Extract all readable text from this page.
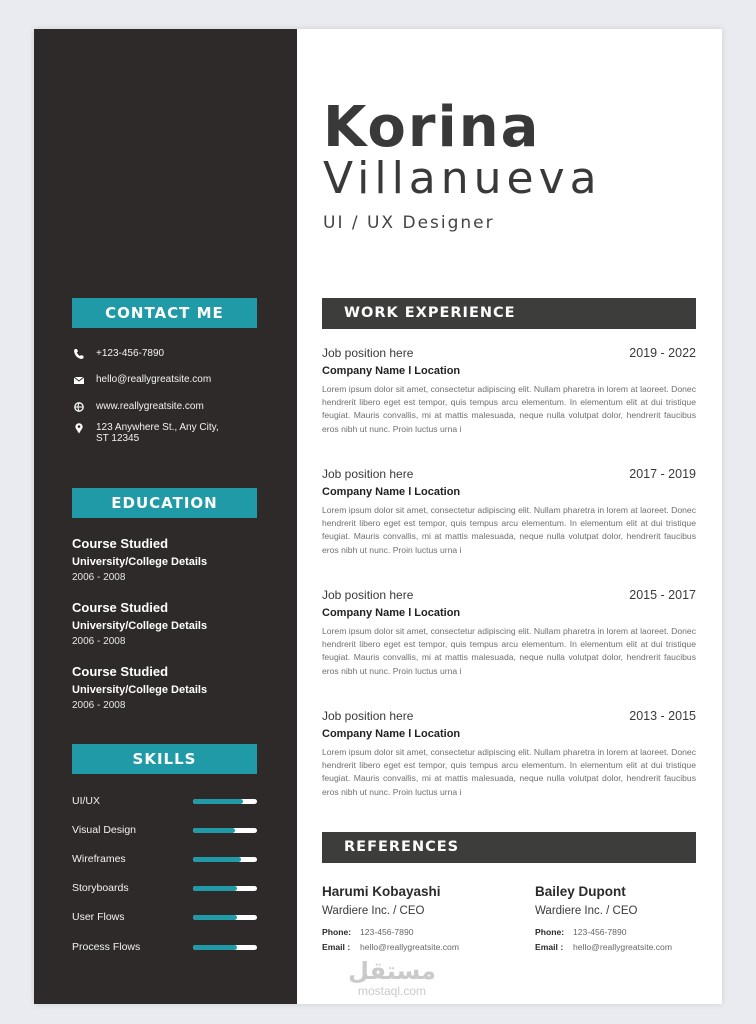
CONTACT ME
+123-456-7890
hello@reallygreatsite.com
www.reallygreatsite.com
123 Anywhere St., Any City,
ST 12345
EDUCATION
Course Studied
University/College Details
2006 - 2008
Course Studied
University/College Details
2006 - 2008
Course Studied
University/College Details
2006 - 2008
SKILLS
UI/UX
Visual Design
Wireframes
Storyboards
User Flows
Process Flows
Korina
Villanueva
UI / UX Designer
WORK EXPERIENCE
Job position here	2019 - 2022
Company Name l Location
Lorem ipsum dolor sit amet, consectetur adipiscing elit. Nullam pharetra in lorem at laoreet. Donec hendrerit libero eget est tempor, quis tempus arcu elementum. In elementum elit at dui tristique feugiat. Mauris convallis, mi at mattis malesuada, neque nulla volutpat dolor, hendrerit faucibus eros nibh ut nunc. Proin luctus urna i
Job position here	2017 - 2019
Company Name l Location
Lorem ipsum dolor sit amet, consectetur adipiscing elit. Nullam pharetra in lorem at laoreet. Donec hendrerit libero eget est tempor, quis tempus arcu elementum. In elementum elit at dui tristique feugiat. Mauris convallis, mi at mattis malesuada, neque nulla volutpat dolor, hendrerit faucibus eros nibh ut nunc. Proin luctus urna i
Job position here	2015 - 2017
Company Name l Location
Lorem ipsum dolor sit amet, consectetur adipiscing elit. Nullam pharetra in lorem at laoreet. Donec hendrerit libero eget est tempor, quis tempus arcu elementum. In elementum elit at dui tristique feugiat. Mauris convallis, mi at mattis malesuada, neque nulla volutpat dolor, hendrerit faucibus eros nibh ut nunc. Proin luctus urna i
Job position here	2013 - 2015
Company Name l Location
Lorem ipsum dolor sit amet, consectetur adipiscing elit. Nullam pharetra in lorem at laoreet. Donec hendrerit libero eget est tempor, quis tempus arcu elementum. In elementum elit at dui tristique feugiat. Mauris convallis, mi at mattis malesuada, neque nulla volutpat dolor, hendrerit faucibus eros nibh ut nunc. Proin luctus urna i
REFERENCES
Harumi Kobayashi
Wardiere Inc. / CEO
Phone: 123-456-7890
Email : hello@reallygreatsite.com
Bailey Dupont
Wardiere Inc. / CEO
Phone: 123-456-7890
Email : hello@reallygreatsite.com
مستقل
mostaql.com
